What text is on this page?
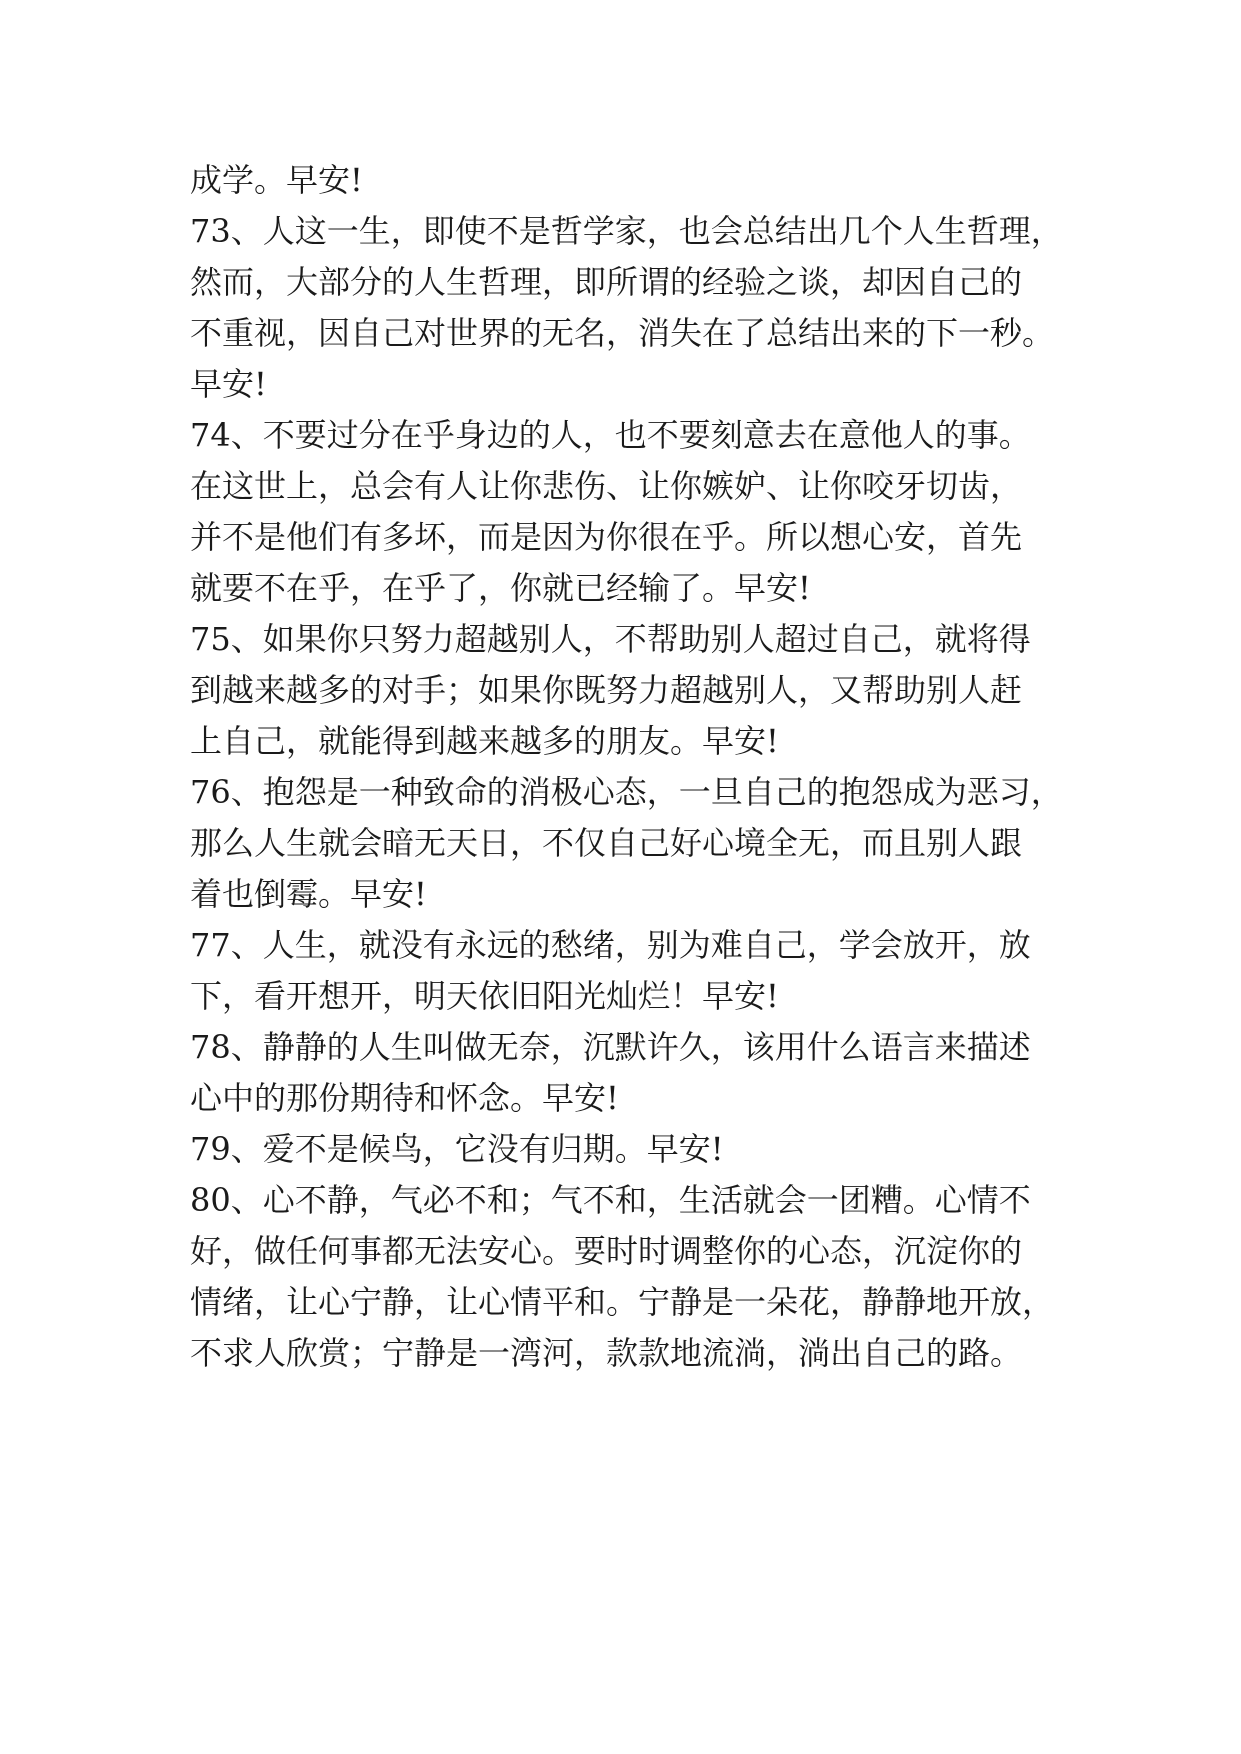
成学。早安!
73、人这一生，即使不是哲学家，也会总结出几个人生哲理，
然而，大部分的人生哲理，即所谓的经验之谈，却因自己的
不重视，因自己对世界的无名，消失在了总结出来的下一秒。
早安!
74、不要过分在乎身边的人，也不要刻意去在意他人的事。
在这世上，总会有人让你悲伤、让你嫉妒、让你咬牙切齿，
并不是他们有多坏，而是因为你很在乎。所以想心安，首先
就要不在乎，在乎了，你就已经输了。早安!
75、如果你只努力超越别人，不帮助别人超过自己，就将得
到越来越多的对手；如果你既努力超越别人，又帮助别人赶
上自己，就能得到越来越多的朋友。早安!
76、抱怨是一种致命的消极心态，一旦自己的抱怨成为恶习，
那么人生就会暗无天日，不仅自己好心境全无，而且别人跟
着也倒霉。早安!
77、人生，就没有永远的愁绪，别为难自己，学会放开，放
下，看开想开，明天依旧阳光灿烂！早安!
78、静静的人生叫做无奈，沉默许久，该用什么语言来描述
心中的那份期待和怀念。早安!
79、爱不是候鸟，它没有归期。早安!
80、心不静，气必不和；气不和，生活就会一团糟。心情不
好，做任何事都无法安心。要时时调整你的心态，沉淀你的
情绪，让心宁静，让心情平和。宁静是一朵花，静静地开放，
不求人欣赏；宁静是一湾河，款款地流淌，淌出自己的路。
